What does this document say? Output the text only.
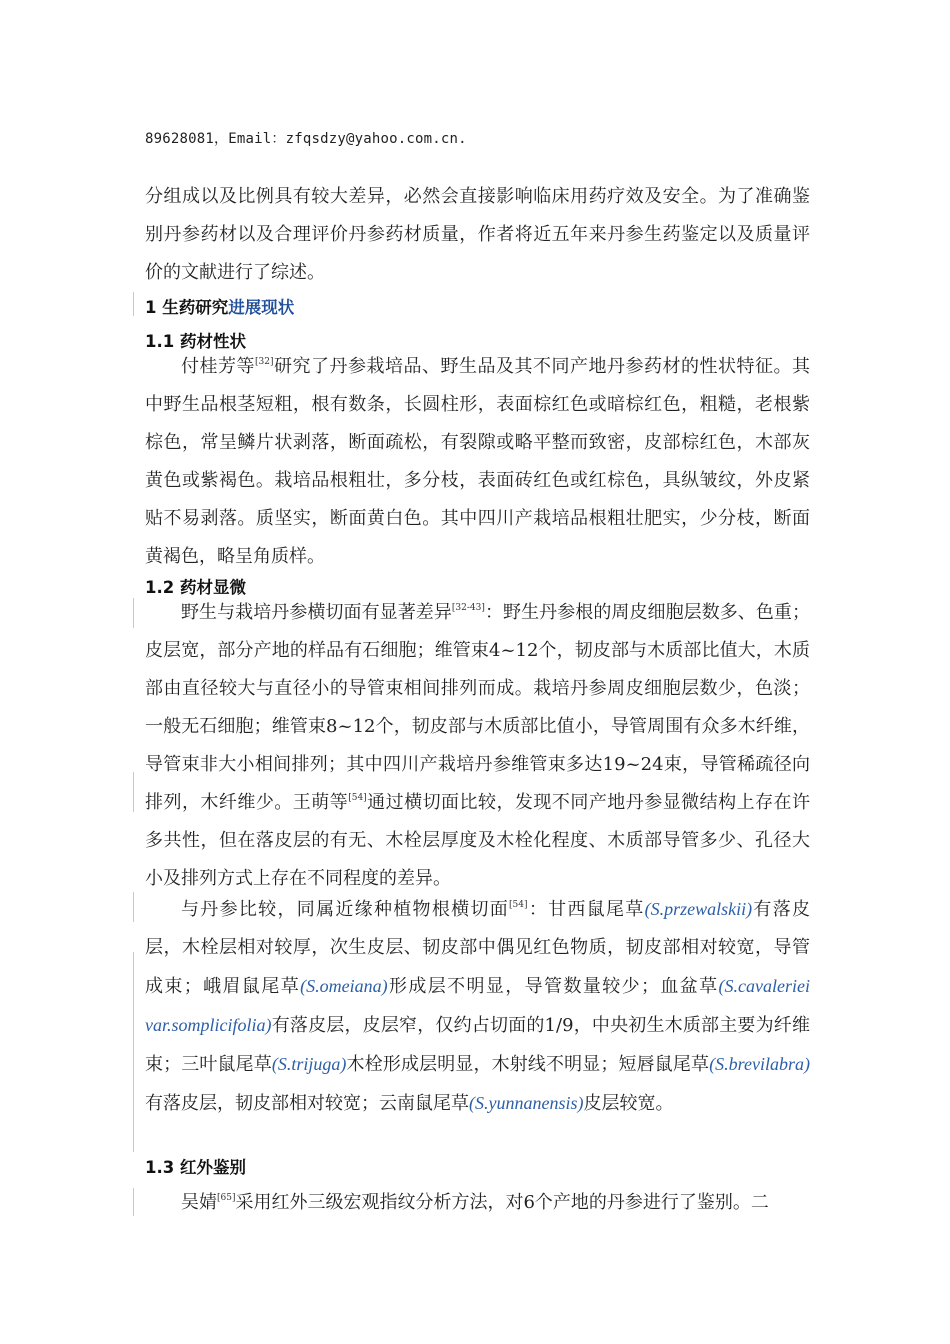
89628081，Email：zfqsdzy@yahoo.com.cn.

分组成以及比例具有较大差异，必然会直接影响临床用药疗效及安全。为了准确鉴别丹参药材以及合理评价丹参药材质量，作者将近五年来丹参生药鉴定以及质量评价的文献进行了综述。

1 生药研究进展现状
1.1 药材性状

付桂芳等[32]研究了丹参栽培品、野生品及其不同产地丹参药材的性状特征。其中野生品根茎短粗，根有数条，长圆柱形，表面棕红色或暗棕红色，粗糙，老根紫棕色，常呈鳞片状剥落，断面疏松，有裂隙或略平整而致密，皮部棕红色，木部灰黄色或紫褐色。栽培品根粗壮，多分枝，表面砖红色或红棕色，具纵皱纹，外皮紧贴不易剥落。质坚实，断面黄白色。其中四川产栽培品根粗壮肥实，少分枝，断面黄褐色，略呈角质样。

1.2 药材显微

野生与栽培丹参横切面有显著差异[32-43]：野生丹参根的周皮细胞层数多、色重；皮层宽，部分产地的样品有石细胞；维管束4~12个，韧皮部与木质部比值大，木质部由直径较大与直径小的导管束相间排列而成。栽培丹参周皮细胞层数少，色淡；一般无石细胞；维管束8~12个，韧皮部与木质部比值小，导管周围有众多木纤维，导管束非大小相间排列；其中四川产栽培丹参维管束多达19~24束，导管稀疏径向排列，木纤维少。王萌等[54]通过横切面比较，发现不同产地丹参显微结构上存在许多共性，但在落皮层的有无、木栓层厚度及木栓化程度、木质部导管多少、孔径大小及排列方式上存在不同程度的差异。

与丹参比较，同属近缘种植物根横切面[54]：甘西鼠尾草(S.przewalskii)有落皮层，木栓层相对较厚，次生皮层、韧皮部中偶见红色物质，韧皮部相对较宽，导管成束；峨眉鼠尾草(S.omeiana)形成层不明显，导管数量较少；血盆草(S.cavaleriei var.somplicifolia)有落皮层，皮层窄，仅约占切面的1/9，中央初生木质部主要为纤维束；三叶鼠尾草(S.trijuga)木栓形成层明显，木射线不明显；短唇鼠尾草(S.brevilabra)有落皮层，韧皮部相对较宽；云南鼠尾草(S.yunnanensis)皮层较宽。

1.3 红外鉴别

吴婧[65]采用红外三级宏观指纹分析方法，对6个产地的丹参进行了鉴别。二
